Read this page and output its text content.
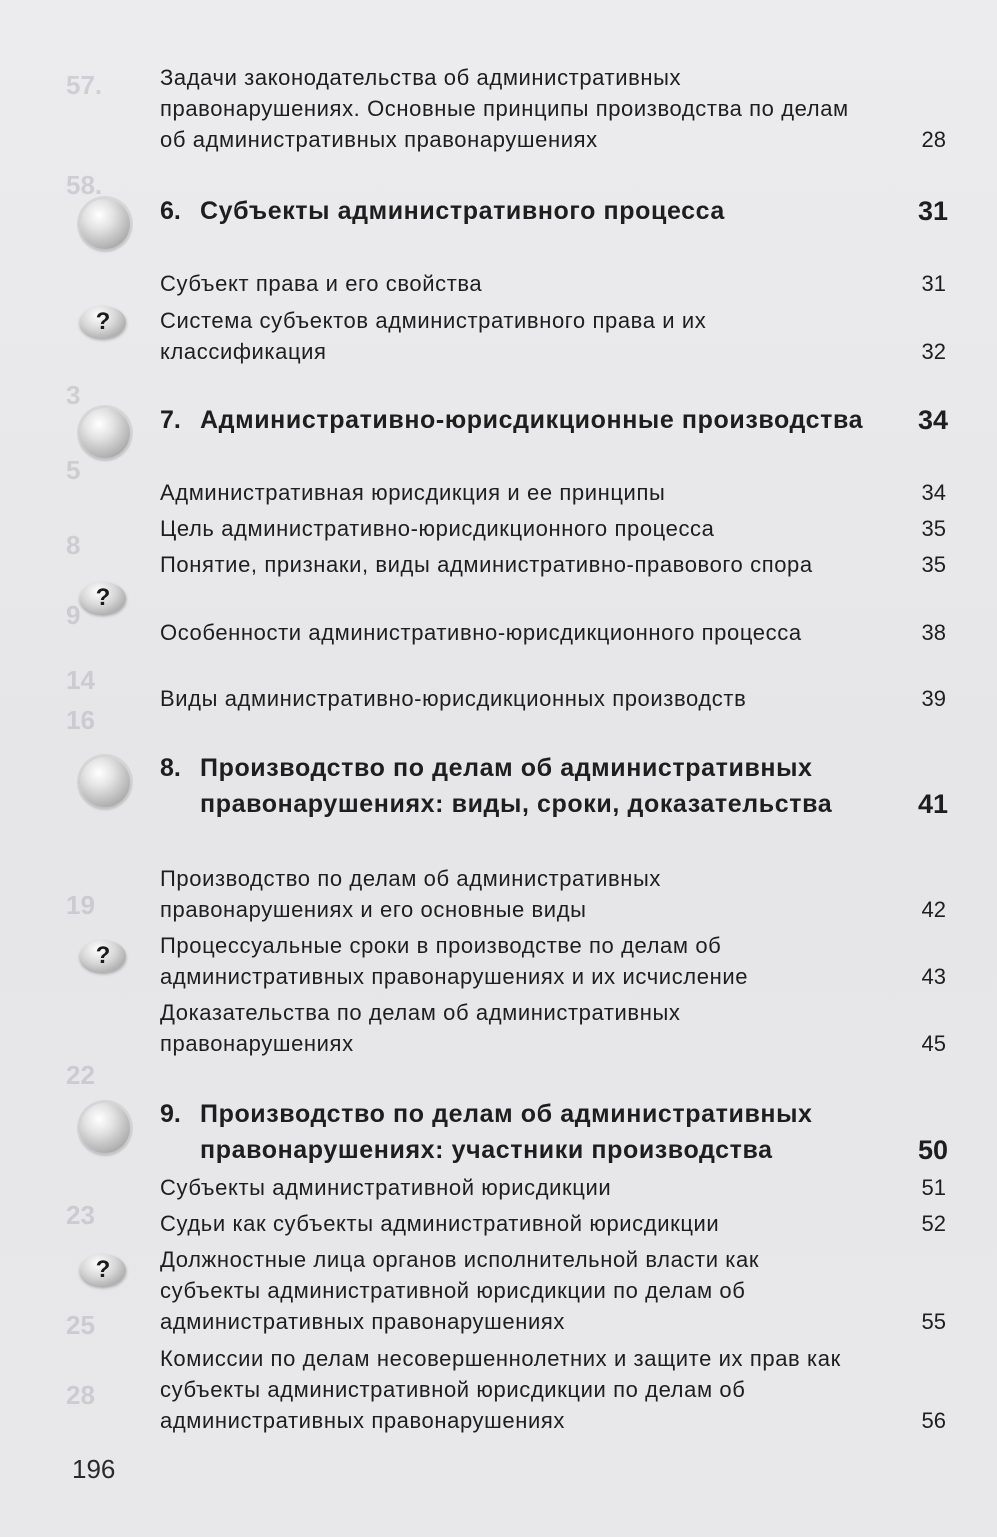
57.
58.
3
5
8
9
14
16
19
22
23
25
28
Задачи законодательства об административных правонарушениях. Основные принципы производства по делам об административных правонарушениях	28
6. Субъекты административного процесса	31
Субъект права и его свойства	31
?	Система субъектов административного права и их классификация	32
7. Административно-юрисдикционные производства	34
Административная юрисдикция и ее принципы	34
Цель административно-юрисдикционного процесса	35
?
Понятие, признаки, виды административно-правового спора	35
Особенности административно-юрисдикционного процесса	38
Виды административно-юрисдикционных производств	39
8. Производство по делам об административных правонарушениях: виды, сроки, доказательства	41
Производство по делам об административных правонарушениях и его основные виды	42
?	Процессуальные сроки в производстве по делам об административных правонарушениях и их исчисление	43
Доказательства по делам об административных правонарушениях	45
9. Производство по делам об административных правонарушениях: участники производства	50
Субъекты административной юрисдикции	51
Судьи как субъекты административной юрисдикции	52
?	Должностные лица органов исполнительной власти как субъекты административной юрисдикции по делам об административных правонарушениях	55
Комиссии по делам несовершеннолетних и защите их прав как субъекты административной юрисдикции по делам об административных правонарушениях	56
196
